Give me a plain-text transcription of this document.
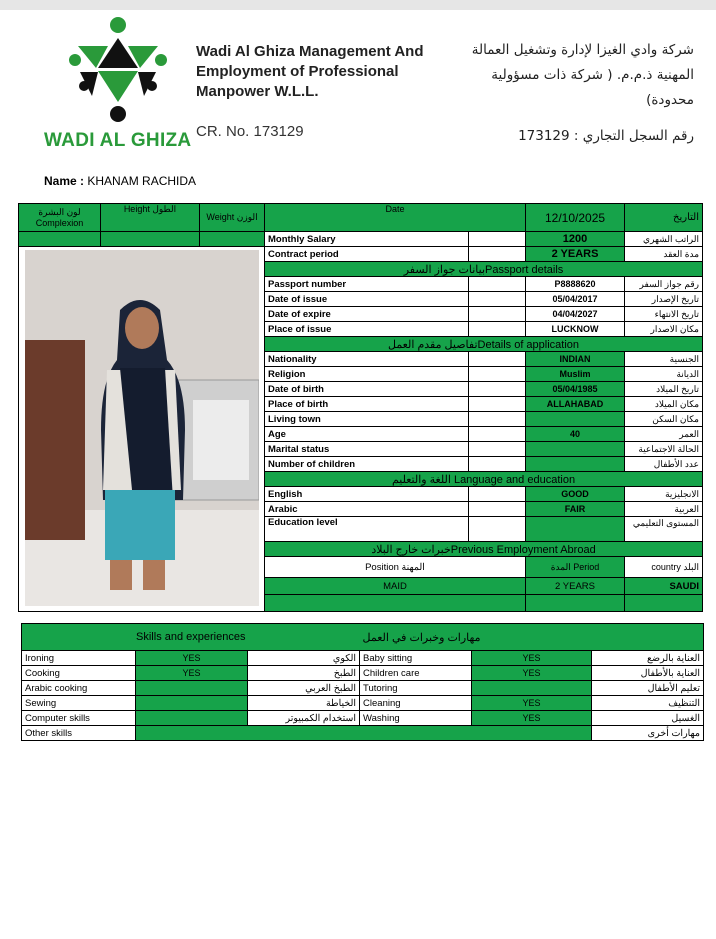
WADI AL GHIZA
Wadi Al Ghiza Management And
Employment of Professional
Manpower W.L.L.
CR. No. 173129
شركة وادي الغيزا لإدارة وتشغيل العمالة
المهنية ذ.م.م. ( شركة ذات مسؤولية
محدودة)
رقم السجل التجاري : 173129
Name : KHANAM RACHIDA
لون البشرة Complexion	Height الطول	Weight الوزن	Date		12/10/2025	التاريخ
			Monthly Salary		1200	الراتب الشهري

	Contract period		2 YEARS	مدة العقد
			بيانات جواز السفرPassport details			
			Passport number		P8888620	رقم جواز السفر
			Date of issue		05/04/2017	تاريخ الإصدار
			Date of expire		04/04/2027	تاريخ الانتهاء
			Place of issue		LUCKNOW	مكان الاصدار
			تفاصيل مقدم العملDetails of application			
			Nationality		INDIAN	الجنسية
			Religion		Muslim	الديانة
			Date of birth		05/04/1985	تاريخ الميلاد
			Place of birth		ALLAHABAD	مكان الميلاد
			Living town			مكان السكن
			Age		40	العمر
			Marital status			الحالة الاجتماعية
			Number of children			عدد الأطفال
			اللغة والتعليم Language and education			
			English		GOOD	الانجليزية
			Arabic		FAIR	العربية
			Education level			المستوى التعليمي
			خبرات خارج البلادPrevious Employment Abroad			
			Position المهنة		المدة Period	country البلد
			MAID		2 YEARS	SAUDI

Skills and experiences			مهارات وخبرات في العمل		
Ironing	YES	الكوي	Baby sitting	YES	العناية بالرضع
Cooking	YES	الطبخ	Children care	YES	العناية بالأطفال
Arabic cooking		الطبخ العربي	Tutoring		تعليم الأطفال
Sewing		الخياطة	Cleaning	YES	التنظيف
Computer skills		استخدام الكمبيوتر	Washing	YES	الغسيل
Other skills					مهارات أخرى
